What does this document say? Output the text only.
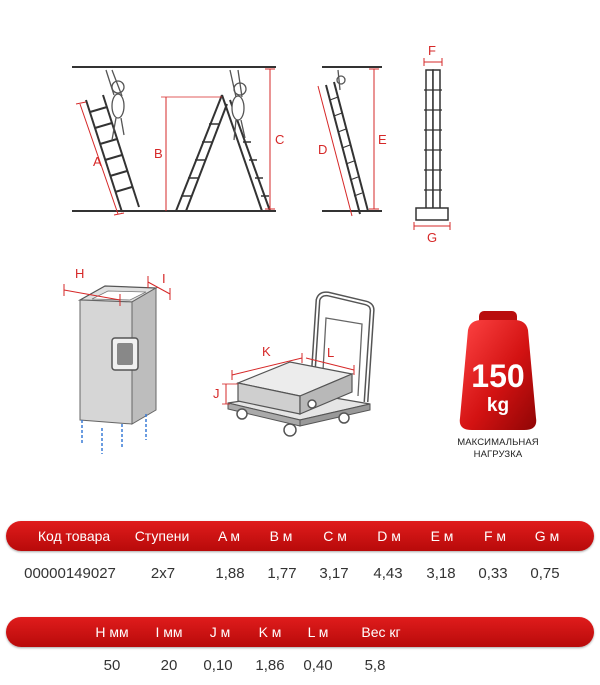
A
B
C
D
E
F
G
H	I
K	L
J	150
kg
МАКСИМАЛЬНАЯ
НАГРУЗКА
Код товара	Ступени	A м	B м	C м	D м	E м	F м	G м
00000149027	2x7	1,88	1,77	3,17	4,43	3,18	0,33	0,75
H мм	I мм	J м	K м	L м	Вес кг
50	20	0,10	1,86	0,40	5,8
